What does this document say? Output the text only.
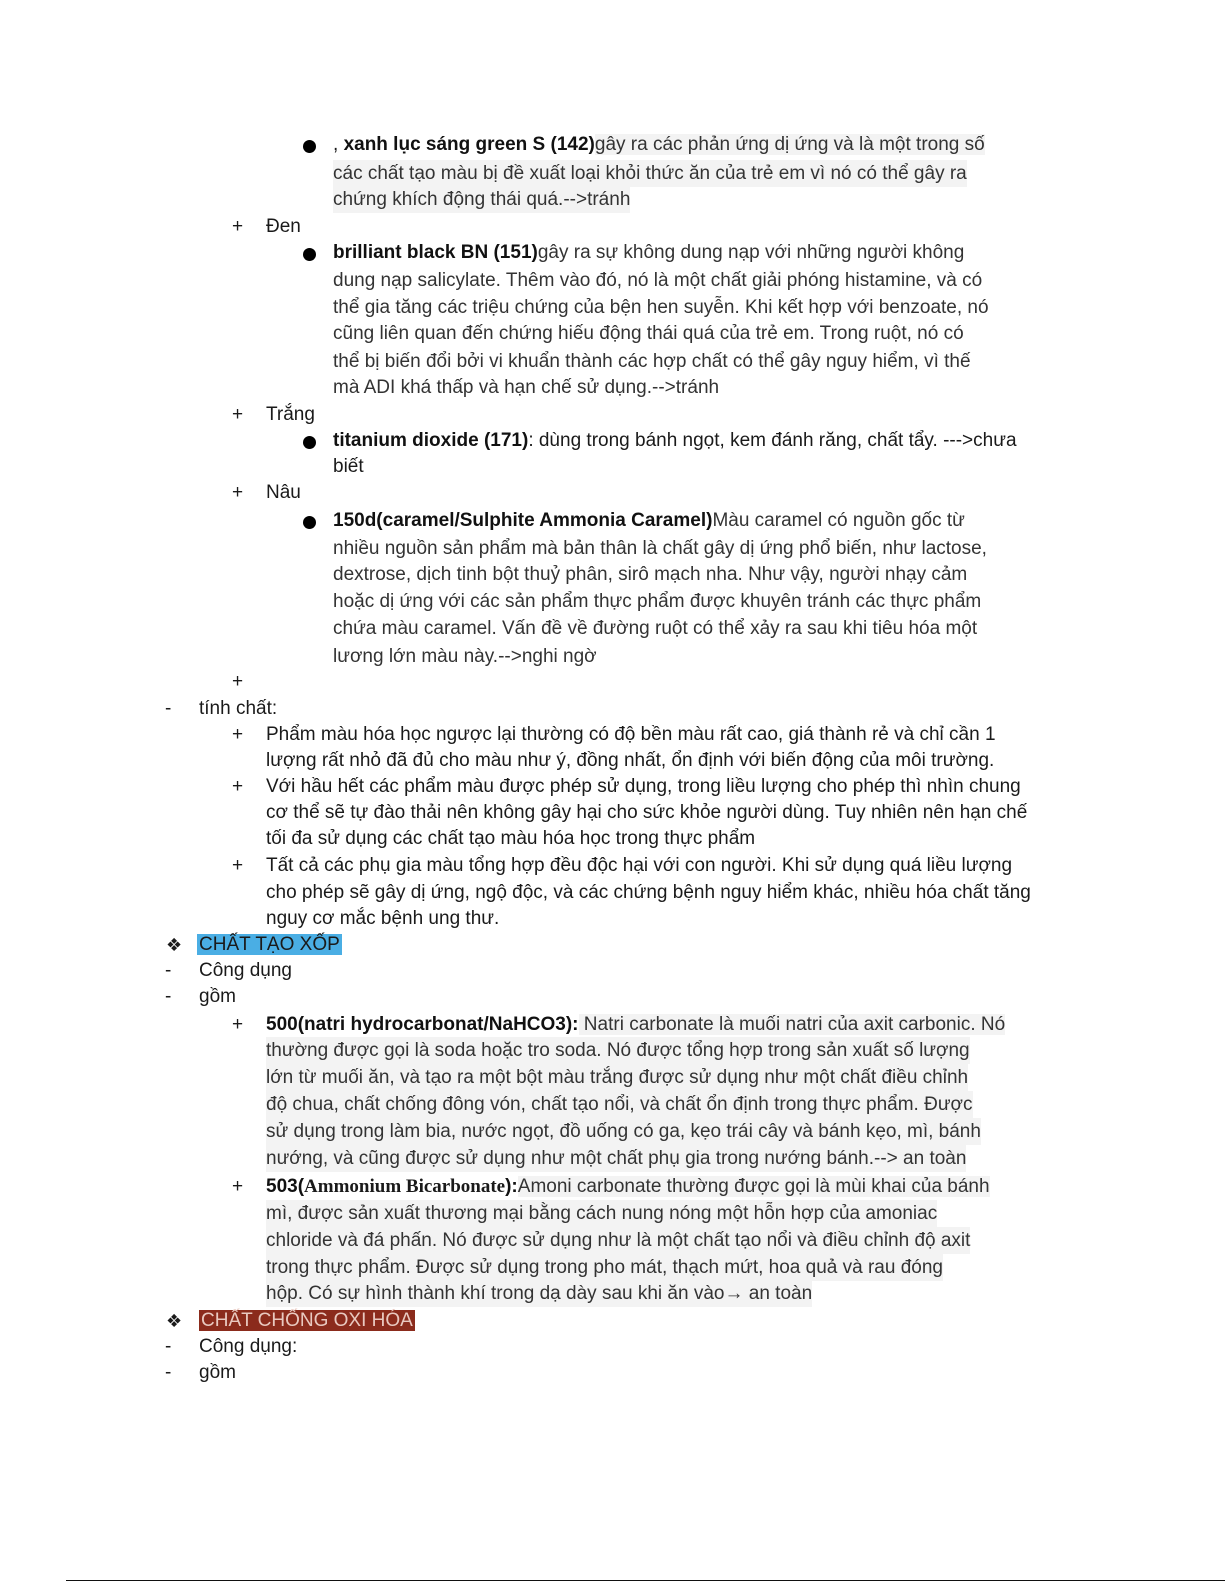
, xanh lục sáng green S (142)gây ra các phản ứng dị ứng và là một trong số
các chất tạo màu bị đề xuất loại khỏi thức ăn của trẻ em vì nó có thể gây ra
chứng khích động thái quá.-->tránh
+ Đen
brilliant black BN (151)gây ra sự không dung nạp với những người không
dung nạp salicylate. Thêm vào đó, nó là một chất giải phóng histamine, và có
thể gia tăng các triệu chứng của bện hen suyễn. Khi kết hợp với benzoate, nó
cũng liên quan đến chứng hiếu động thái quá của trẻ em. Trong ruột, nó có
thể bị biến đổi bởi vi khuẩn thành các hợp chất có thể gây nguy hiểm, vì thế
mà ADI khá thấp và hạn chế sử dụng.-->tránh
+ Trắng
titanium dioxide (171): dùng trong bánh ngọt, kem đánh răng, chất tẩy. --->chưa
biết
+ Nâu
150d(caramel/Sulphite Ammonia Caramel)Màu caramel có nguồn gốc từ
nhiều nguồn sản phẩm mà bản thân là chất gây dị ứng phổ biến, như lactose,
dextrose, dịch tinh bột thuỷ phân, sirô mạch nha. Như vậy, người nhạy cảm
hoặc dị ứng với các sản phẩm thực phẩm được khuyên tránh các thực phẩm
chứa màu caramel. Vấn đề về đường ruột có thể xảy ra sau khi tiêu hóa một
lương lớn màu này.-->nghi ngờ
+
- tính chất:
+ Phẩm màu hóa học ngược lại thường có độ bền màu rất cao, giá thành rẻ và chỉ cần 1
lượng rất nhỏ đã đủ cho màu như ý, đồng nhất, ổn định với biến động của môi trường.
+ Với hầu hết các phẩm màu được phép sử dụng, trong liều lượng cho phép thì nhìn chung
cơ thể sẽ tự đào thải nên không gây hại cho sức khỏe người dùng. Tuy nhiên nên hạn chế
tối đa sử dụng các chất tạo màu hóa học trong thực phẩm
+ Tất cả các phụ gia màu tổng hợp đều độc hại với con người. Khi sử dụng quá liều lượng
cho phép sẽ gây dị ứng, ngộ độc, và các chứng bệnh nguy hiểm khác, nhiều hóa chất tăng
nguy cơ mắc bệnh ung thư.
❖ CHẤT TẠO XỐP
- Công dụng
- gồm
+ 500(natri hydrocarbonat/NaHCO3): Natri carbonate là muối natri của axit carbonic. Nó
thường được gọi là soda hoặc tro soda. Nó được tổng hợp trong sản xuất số lượng
lớn từ muối ăn, và tạo ra một bột màu trắng được sử dụng như một chất điều chỉnh
độ chua, chất chống đông vón, chất tạo nổi, và chất ổn định trong thực phẩm. Được
sử dụng trong làm bia, nước ngọt, đồ uống có ga, kẹo trái cây và bánh kẹo, mì, bánh
nướng, và cũng được sử dụng như một chất phụ gia trong nướng bánh.--> an toàn
+ 503(Ammonium Bicarbonate):Amoni carbonate thường được gọi là mùi khai của bánh
mì, được sản xuất thương mại bằng cách nung nóng một hỗn hợp của amoniac
chloride và đá phấn. Nó được sử dụng như là một chất tạo nổi và điều chỉnh độ axit
trong thực phẩm. Được sử dụng trong pho mát, thạch mứt, hoa quả và rau đóng
hộp. Có sự hình thành khí trong dạ dày sau khi ăn vào→ an toàn
❖ CHẤT CHỐNG OXI HÓA
- Công dụng:
- gồm
